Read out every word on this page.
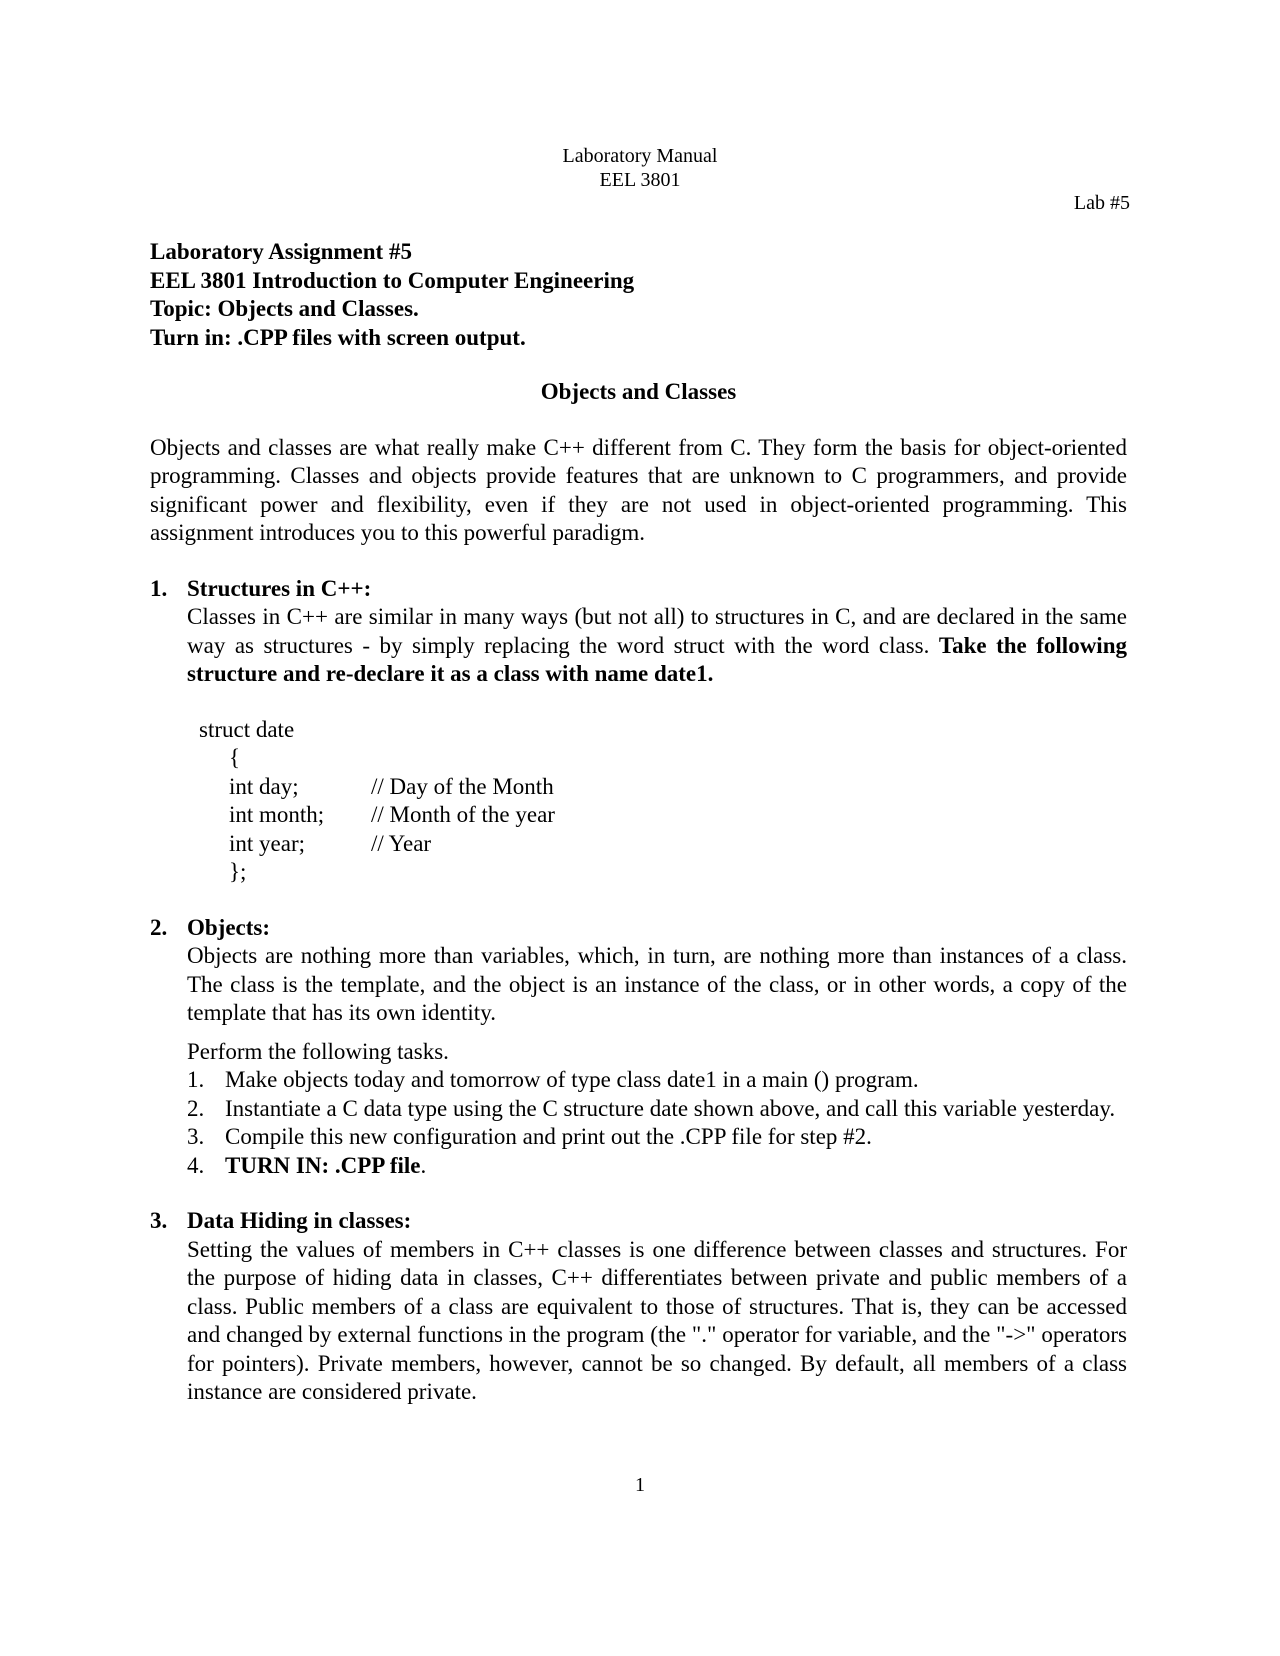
Laboratory Manual
EEL 3801
Lab #5

Laboratory Assignment #5

EEL 3801 Introduction to Computer Engineering

Topic: Objects and Classes.

Turn in: .CPP files with screen output.

Objects and Classes

Objects and classes are what really make C++ different from C. They form the basis for object-oriented programming. Classes and objects provide features that are unknown to C programmers, and provide significant power and flexibility, even if they are not used in object-oriented programming. This assignment introduces you to this powerful paradigm.

1. Structures in C++:

Classes in C++ are similar in many ways (but not all) to structures in C, and are declared in the same way as structures - by simply replacing the word struct with the word class. Take the following structure and re-declare it as a class with name date1.

struct date
{
int day;	// Day of the Month
int month;	// Month of the year
int year;	// Year
};
2. Objects:

Objects are nothing more than variables, which, in turn, are nothing more than instances of a class. The class is the template, and the object is an instance of the class, or in other words, a copy of the template that has its own identity.

Perform the following tasks.

1. Make objects today and tomorrow of type class date1 in a main () program.
2. Instantiate a C data type using the C structure date shown above, and call this variable yesterday.
3. Compile this new configuration and print out the .CPP file for step #2.
4. TURN IN: .CPP file.
3. Data Hiding in classes:

Setting the values of members in C++ classes is one difference between classes and structures. For the purpose of hiding data in classes, C++ differentiates between private and public members of a class. Public members of a class are equivalent to those of structures. That is, they can be accessed and changed by external functions in the program (the "." operator for variable, and the "->" operators for pointers). Private members, however, cannot be so changed. By default, all members of a class instance are considered private.

1
